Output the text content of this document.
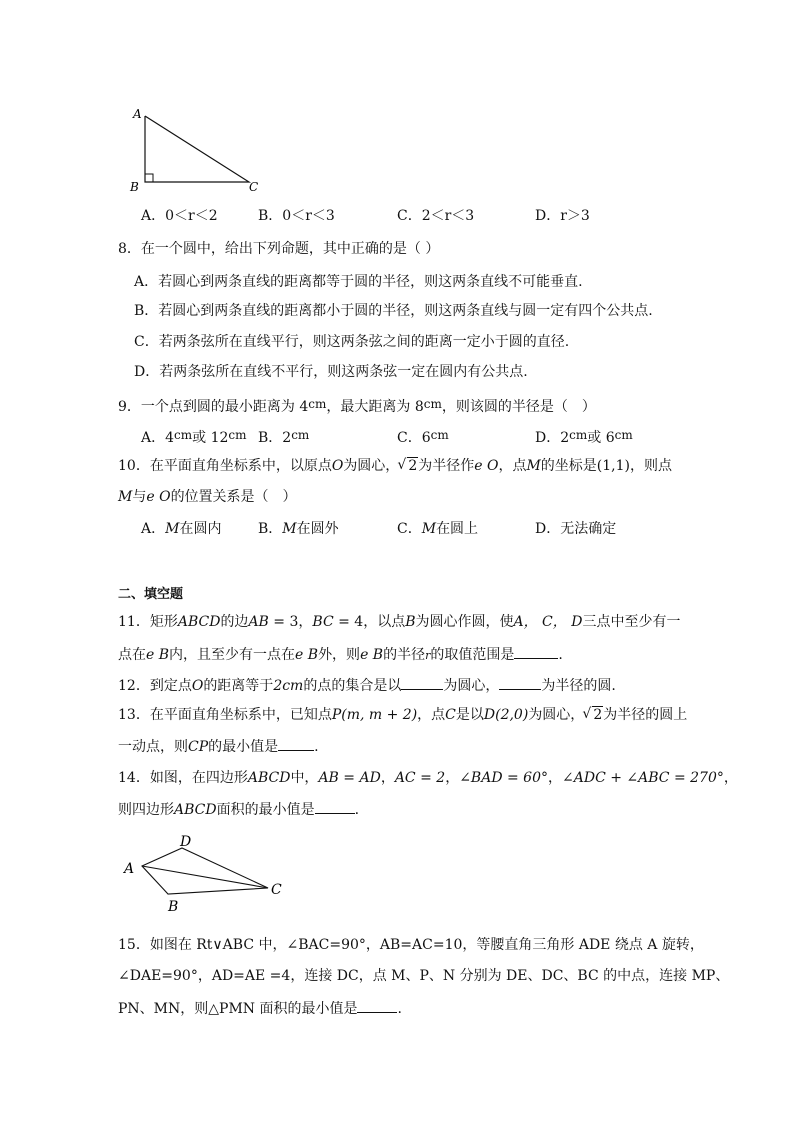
A
B	C
A．0＜r＜2	B．0＜r＜3	C．2＜r＜3	D．r＞3
8．在一个圆中，给出下列命题，其中正确的是（ ）
A．若圆心到两条直线的距离都等于圆的半径，则这两条直线不可能垂直.
B．若圆心到两条直线的距离都小于圆的半径，则这两条直线与圆一定有四个公共点.
C．若两条弦所在直线平行，则这两条弦之间的距离一定小于圆的直径.
D．若两条弦所在直线不平行，则这两条弦一定在圆内有公共点.
9．一个点到圆的最小距离为 4cm，最大距离为 8cm，则该圆的半径是（　）
A．4cm或 12cm B．2cm	C．6cm	D．2cm或 6cm
10．在平面直角坐标系中，以原点O为圆心， √ 2为半径作e O，点M的坐标是(1,1)，则点
M与e O的位置关系是（　）
A．M在圆内	B．M在圆外	C．M在圆上	D．无法确定
二、填空题
11．矩形ABCD的边AB = 3，BC = 4，以点B为圆心作圆，使A， C， D三点中至少有一
点在e B内，且至少有一点在e B外，则e B的半径r的取值范围是	.
12．到定点O的距离等于2cm的点的集合是以	为圆心，	为半径的圆.
13．在平面直角坐标系中，已知点P(m, m + 2)，点C是以D(2,0)为圆心， √ 2为半径的圆上
一动点，则CP的最小值是	.
14．如图，在四边形ABCD中，AB = AD，AC = 2，∠BAD = 60°，∠ADC + ∠ABC = 270°，
则四边形ABCD面积的最小值是	.
A
D
C
B
15．如图在 Rt∨ABC 中，∠BAC=90°，AB=AC=10，等腰直角三角形 ADE 绕点 A 旋转，
∠DAE=90°，AD=AE =4，连接 DC，点 M、P、N 分别为 DE、DC、BC 的中点，连接 MP、
PN、MN，则△PMN 面积的最小值是	.
